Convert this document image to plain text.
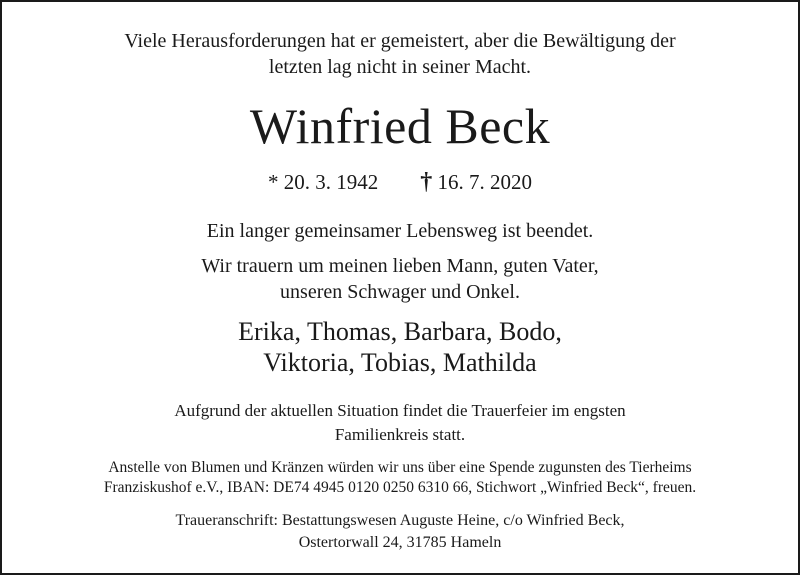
Viele Herausforderungen hat er gemeistert, aber die Bewältigung der
letzten lag nicht in seiner Macht.
Winfried Beck
* 20. 3. 1942 † 16. 7. 2020
Ein langer gemeinsamer Lebensweg ist beendet.
Wir trauern um meinen lieben Mann, guten Vater,
unseren Schwager und Onkel.
Erika, Thomas, Barbara, Bodo,
Viktoria, Tobias, Mathilda
Aufgrund der aktuellen Situation findet die Trauerfeier im engsten
Familienkreis statt.
Anstelle von Blumen und Kränzen würden wir uns über eine Spende zugunsten des Tierheims
Franziskushof e.V., IBAN: DE74 4945 0120 0250 6310 66, Stichwort „Winfried Beck“, freuen.
Traueranschrift: Bestattungswesen Auguste Heine, c/o Winfried Beck,
Ostertorwall 24, 31785 Hameln
